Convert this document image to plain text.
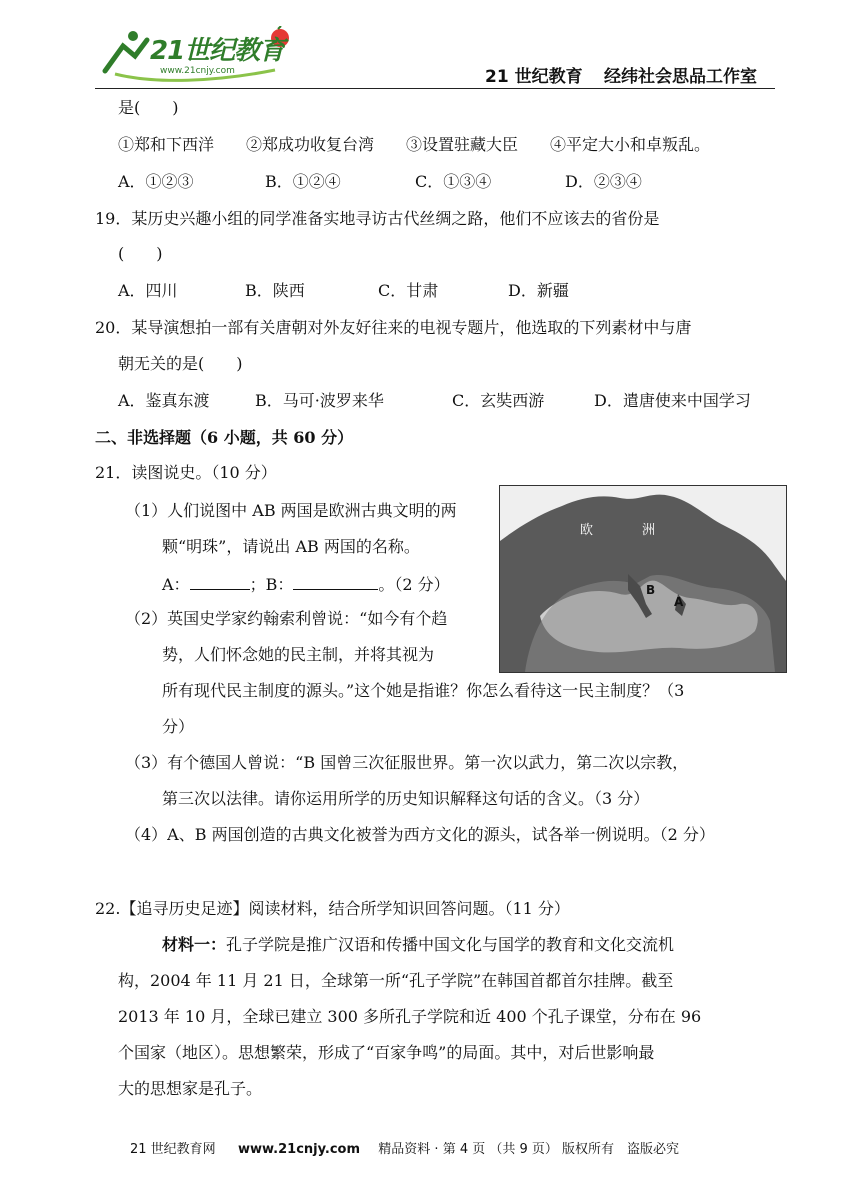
21世纪教育
www.21cnjy.com	21 世纪教育 经纬社会思品工作室
是(　　)
①郑和下西洋　　②郑成功收复台湾　　③设置驻藏大臣　　④平定大小和卓叛乱。
A．①②③	B．①②④	C．①③④	D．②③④
19．某历史兴趣小组的同学准备实地寻访古代丝绸之路，他们不应该去的省份是
(　　)
A．四川	B．陕西	C．甘肃	D．新疆
20．某导演想拍一部有关唐朝对外友好往来的电视专题片，他选取的下列素材中与唐
朝无关的是(　　)
A．鉴真东渡	B．马可·波罗来华	C．玄奘西游	D．遣唐使来中国学习
二、非选择题（6 小题，共 60 分）
21．读图说史。（10 分）
（1）人们说图中 AB 两国是欧洲古典文明的两
颗“明珠”，请说出 AB 两国的名称。
A：	；B：	。（2 分）
（2）英国史学家约翰索利曾说：“如今有个趋
势，人们怀念她的民主制，并将其视为
所有现代民主制度的源头。”这个她是指谁？你怎么看待这一民主制度？（3
分）
（3）有个德国人曾说：“B 国曾三次征服世界。第一次以武力，第二次以宗教，
第三次以法律。请你运用所学的历史知识解释这句话的含义。（3 分）
（4）A、B 两国创造的古典文化被誉为西方文化的源头，试各举一例说明。（2 分）
欧	洲
B
A
22.【追寻历史足迹】阅读材料，结合所学知识回答问题。（11 分）
材料一：孔子学院是推广汉语和传播中国文化与国学的教育和文化交流机
构，2004 年 11 月 21 日，全球第一所“孔子学院”在韩国首都首尔挂牌。截至
2013 年 10 月，全球已建立 300 多所孔子学院和近 400 个孔子课堂，分布在 96
个国家（地区）。思想繁荣，形成了“百家争鸣”的局面。其中，对后世影响最
大的思想家是孔子。
21 世纪教育网 www.21cnjy.com 精品资料 · 第 4 页 （共 9 页） 版权所有　盗版必究
